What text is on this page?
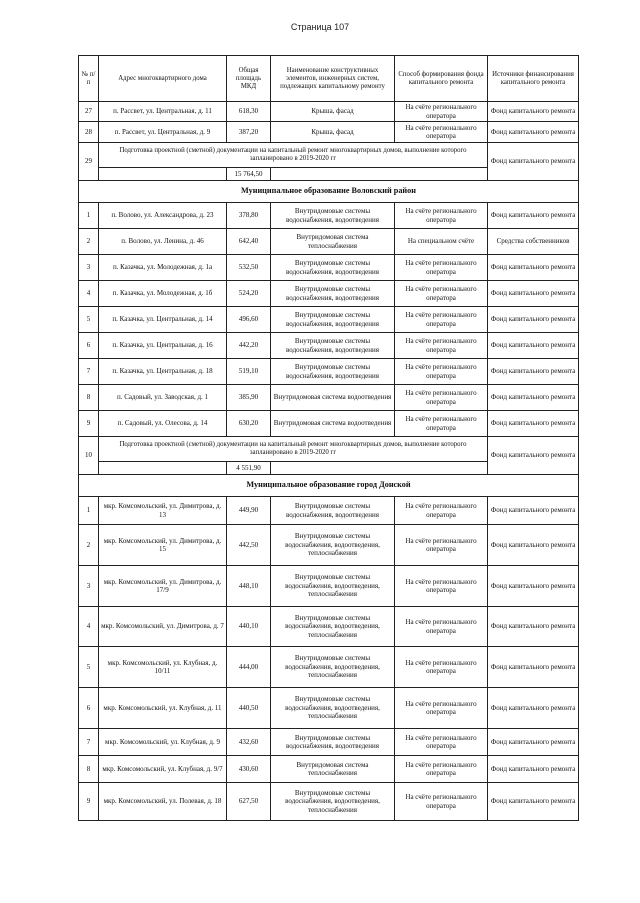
Страница 107
№ п/п	Адрес многоквартирного дома	Общая площадь МКД	Наименование конструктивных элементов, инженерных систем, подлежащих капитальному ремонту	Способ формирования фонда капитального ремонта	Источники финансирования капитального ремонта
27	п. Рассвет, ул. Центральная, д. 11	618,30	Крыша, фасад	На счёте регионального оператора	Фонд капитального ремонта
28	п. Рассвет, ул. Центральная, д. 9	387,20	Крыша, фасад	На счёте регионального оператора	Фонд капитального ремонта
29	Подготовка проектной (сметной) документации на капитальный ремонт многоквартирных домов, выполнение которого запланировано в 2019-2020 гг				Фонд капитального ремонта
		15 764,50			
Муниципальное образование Воловский район					
1	п. Волово, ул. Александрова, д. 23	378,80	Внутридомовые системы водоснабжения, водоотведения	На счёте регионального оператора	Фонд капитального ремонта
2	п. Волово, ул. Ленина, д. 46	642,40	Внутридомовая система теплоснабжения	На специальном счёте	Средства собственников
3	п. Казачка, ул. Молодежная, д. 1а	532,50	Внутридомовые системы водоснабжения, водоотведения	На счёте регионального оператора	Фонд капитального ремонта
4	п. Казачка, ул. Молодежная, д. 1б	524,20	Внутридомовые системы водоснабжения, водоотведения	На счёте регионального оператора	Фонд капитального ремонта
5	п. Казачка, ул. Центральная, д. 14	496,60	Внутридомовые системы водоснабжения, водоотведения	На счёте регионального оператора	Фонд капитального ремонта
6	п. Казачка, ул. Центральная, д. 16	442,20	Внутридомовые системы водоснабжения, водоотведения	На счёте регионального оператора	Фонд капитального ремонта
7	п. Казачка, ул. Центральная, д. 18	519,10	Внутридомовые системы водоснабжения, водоотведения	На счёте регионального оператора	Фонд капитального ремонта
8	п. Садовый, ул. Заводская, д. 1	385,90	Внутридомовая система водоотведения	На счёте регионального оператора	Фонд капитального ремонта
9	п. Садовый, ул. Олесова, д. 14	630,20	Внутридомовая система водоотведения	На счёте регионального оператора	Фонд капитального ремонта
10	Подготовка проектной (сметной) документации на капитальный ремонт многоквартирных домов, выполнение которого запланировано в 2019-2020 гг				Фонд капитального ремонта
		4 551,90			
Муниципальное образование город Донской					
1	мкр. Комсомольский, ул. Димитрова, д. 13	449,90	Внутридомовые системы водоснабжения, водоотведения	На счёте регионального оператора	Фонд капитального ремонта
2	мкр. Комсомольский, ул. Димитрова, д. 15	442,50	Внутридомовые системы водоснабжения, водоотведения, теплоснабжения	На счёте регионального оператора	Фонд капитального ремонта
3	мкр. Комсомольский, ул. Димитрова, д. 17/9	448,10	Внутридомовые системы водоснабжения, водоотведения, теплоснабжения	На счёте регионального оператора	Фонд капитального ремонта
4	мкр. Комсомольский, ул. Димитрова, д. 7	440,10	Внутридомовые системы водоснабжения, водоотведения, теплоснабжения	На счёте регионального оператора	Фонд капитального ремонта
5	мкр. Комсомольский, ул. Клубная, д. 10/11	444,00	Внутридомовые системы водоснабжения, водоотведения, теплоснабжения	На счёте регионального оператора	Фонд капитального ремонта
6	мкр. Комсомольский, ул. Клубная, д. 11	440,50	Внутридомовые системы водоснабжения, водоотведения, теплоснабжения	На счёте регионального оператора	Фонд капитального ремонта
7	мкр. Комсомольский, ул. Клубная, д. 9	432,60	Внутридомовые системы водоснабжения, водоотведения	На счёте регионального оператора	Фонд капитального ремонта
8	мкр. Комсомольский, ул. Клубная, д. 9/7	430,60	Внутридомовая система теплоснабжения	На счёте регионального оператора	Фонд капитального ремонта
9	мкр. Комсомольский, ул. Полевая, д. 18	627,50	Внутридомовые системы водоснабжения, водоотведения, теплоснабжения	На счёте регионального оператора	Фонд капитального ремонта
